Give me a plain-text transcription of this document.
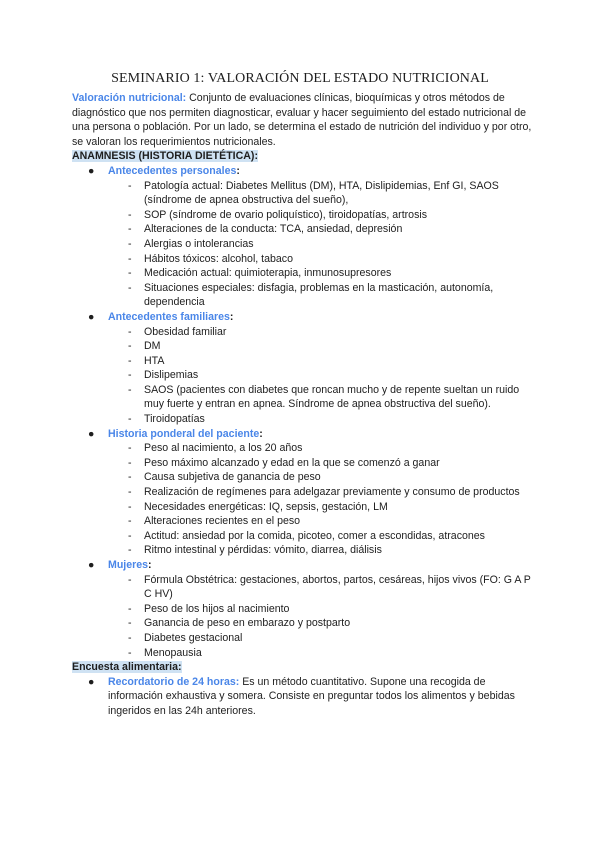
SEMINARIO 1: VALORACIÓN DEL ESTADO NUTRICIONAL

Valoración nutricional: Conjunto de evaluaciones clínicas, bioquímicas y otros métodos de diagnóstico que nos permiten diagnosticar, evaluar y hacer seguimiento del estado nutricional de una persona o población. Por un lado, se determina el estado de nutrición del individuo y por otro, se valoran los requerimientos nutricionales.

ANAMNESIS (HISTORIA DIETÉTICA):

● Antecedentes personales:
- Patología actual: Diabetes Mellitus (DM), HTA, Dislipidemias, Enf GI, SAOS (síndrome de apnea obstructiva del sueño),
- SOP (síndrome de ovario poliquístico), tiroidopatías, artrosis
- Alteraciones de la conducta: TCA, ansiedad, depresión
- Alergias o intolerancias
- Hábitos tóxicos: alcohol, tabaco
- Medicación actual: quimioterapia, inmunosupresores
- Situaciones especiales: disfagia, problemas en la masticación, autonomía, dependencia
● Antecedentes familiares:
- Obesidad familiar
- DM
- HTA
- Dislipemias
- SAOS (pacientes con diabetes que roncan mucho y de repente sueltan un ruido muy fuerte y entran en apnea. Síndrome de apnea obstructiva del sueño).
- Tiroidopatías
● Historia ponderal del paciente:
- Peso al nacimiento, a los 20 años
- Peso máximo alcanzado y edad en la que se comenzó a ganar
- Causa subjetiva de ganancia de peso
- Realización de regímenes para adelgazar previamente y consumo de productos
- Necesidades energéticas: IQ, sepsis, gestación, LM
- Alteraciones recientes en el peso
- Actitud: ansiedad por la comida, picoteo, comer a escondidas, atracones
- Ritmo intestinal y pérdidas: vómito, diarrea, diálisis
● Mujeres:
- Fórmula Obstétrica: gestaciones, abortos, partos, cesáreas, hijos vivos (FO: G A P C HV)
- Peso de los hijos al nacimiento
- Ganancia de peso en embarazo y postparto
- Diabetes gestacional
- Menopausia

Encuesta alimentaria:

● Recordatorio de 24 horas: Es un método cuantitativo. Supone una recogida de información exhaustiva y somera. Consiste en preguntar todos los alimentos y bebidas ingeridos en las 24h anteriores.
